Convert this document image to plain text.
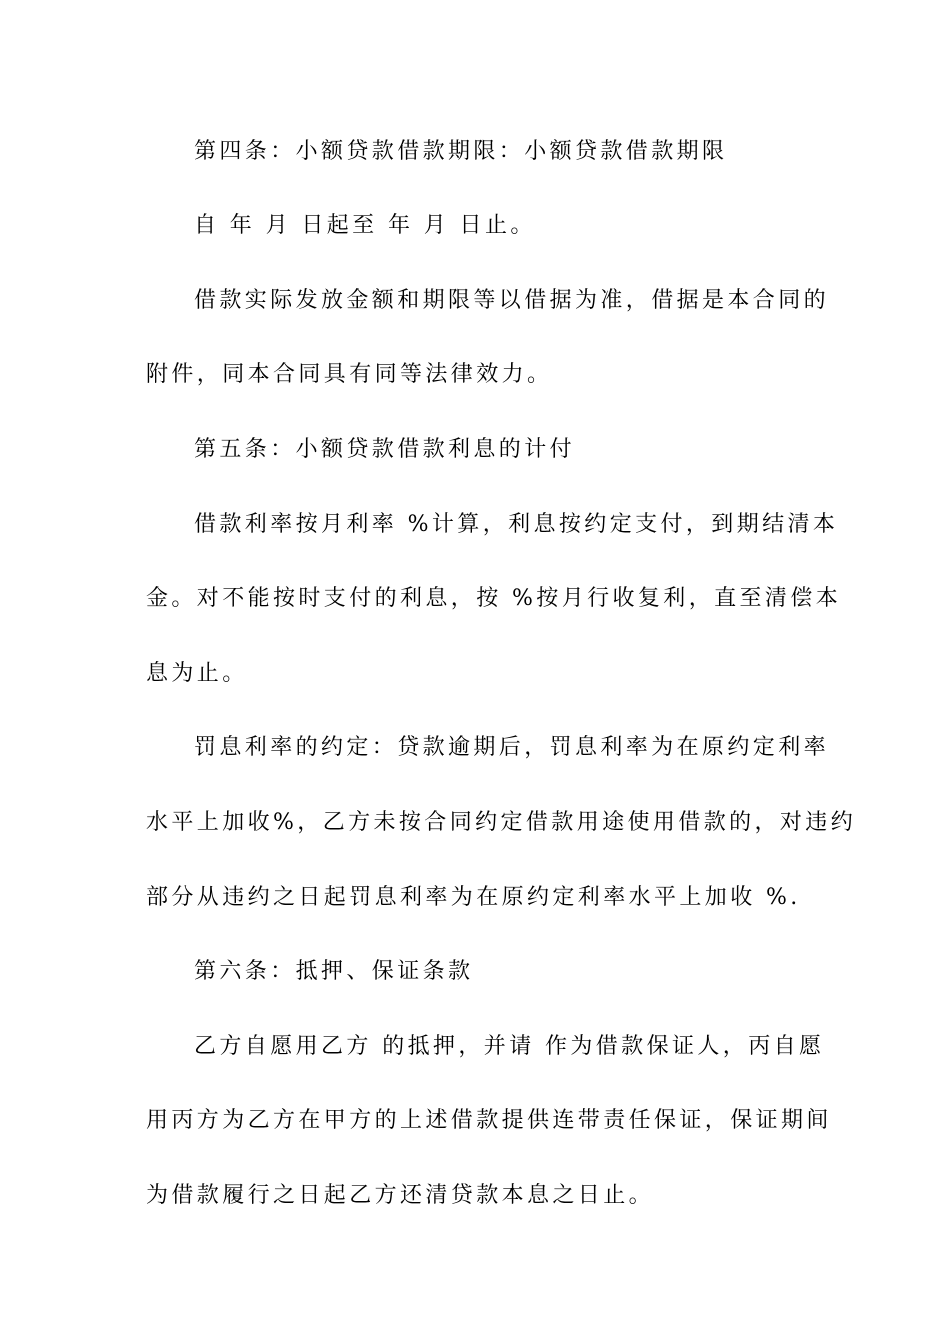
第四条：小额贷款借款期限：小额贷款借款期限

自 年 月 日起至 年 月 日止。

借款实际发放金额和期限等以借据为准，借据是本合同的

附件，同本合同具有同等法律效力。

第五条：小额贷款借款利息的计付

借款利率按月利率 %计算，利息按约定支付，到期结清本

金。对不能按时支付的利息，按 %按月行收复利，直至清偿本

息为止。

罚息利率的约定：贷款逾期后，罚息利率为在原约定利率

水平上加收%，乙方未按合同约定借款用途使用借款的，对违约

部分从违约之日起罚息利率为在原约定利率水平上加收 %.

第六条：抵押、保证条款

乙方自愿用乙方 的抵押，并请 作为借款保证人，丙自愿

用丙方为乙方在甲方的上述借款提供连带责任保证，保证期间

为借款履行之日起乙方还清贷款本息之日止。
